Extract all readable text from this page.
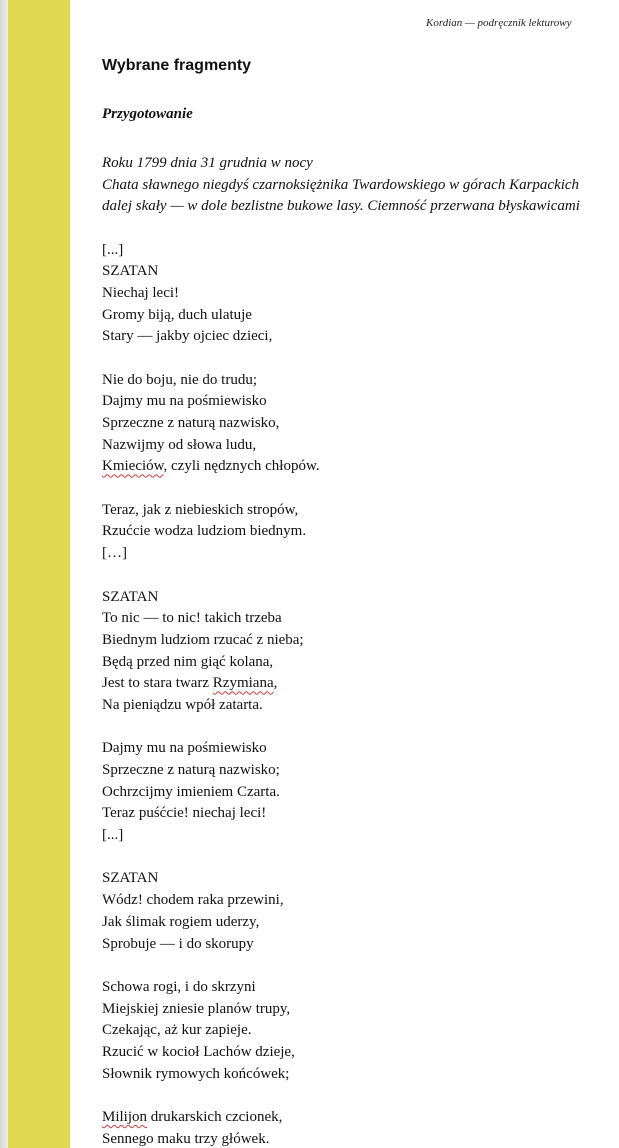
Kordian — podręcznik lekturowy
Wybrane fragmenty
Przygotowanie
Roku 1799 dnia 31 grudnia w nocy
Chata sławnego niegdyś czarnoksiężnika Twardowskiego w górach Karpackich
dalej skały — w dole bezlistne bukowe lasy. Ciemność przerwana błyskawicami
[...]
SZATAN
Niechaj leci!
Gromy biją, duch ulatuje
Stary — jakby ojciec dzieci,
Nie do boju, nie do trudu;
Dajmy mu na pośmiewisko
Sprzeczne z naturą nazwisko,
Nazwijmy od słowa ludu,
Kmieciów, czyli nędznych chłopów.
Teraz, jak z niebieskich stropów,
Rzućcie wodza ludziom biednym.
[…]
SZATAN
To nic — to nic! takich trzeba
Biednym ludziom rzucać z nieba;
Będą przed nim giąć kolana,
Jest to stara twarz Rzymiana,
Na pieniądzu wpół zatarta.
Dajmy mu na pośmiewisko
Sprzeczne z naturą nazwisko;
Ochrzcijmy imieniem Czarta.
Teraz puśćcie! niechaj leci!
[...]
SZATAN
Wódz! chodem raka przewini,
Jak ślimak rogiem uderzy,
Sprobuje — i do skorupy
Schowa rogi, i do skrzyni
Miejskiej zniesie planów trupy,
Czekając, aż kur zapieje.
Rzucić w kocioł Lachów dzieje,
Słownik rymowych końcówek;
Milijon drukarskich czcionek,
Sennego maku trzy główek.
